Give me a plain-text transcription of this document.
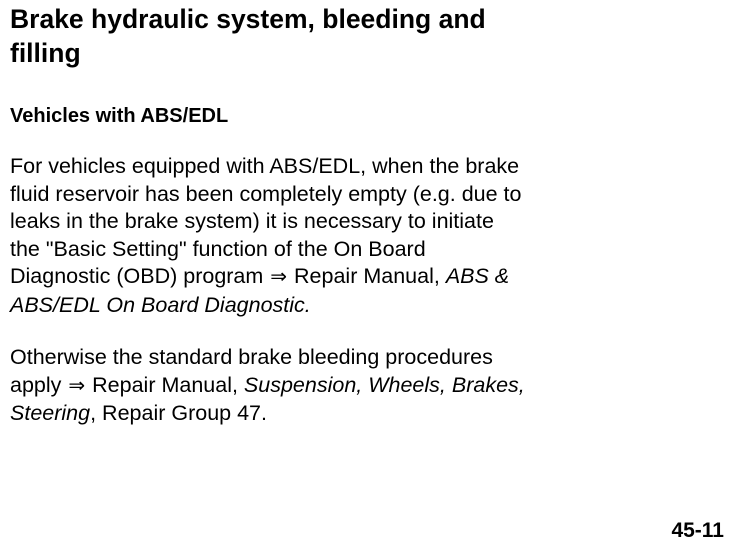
Brake hydraulic system, bleeding and
filling
Vehicles with ABS/EDL

For vehicles equipped with ABS/EDL, when the brake
fluid reservoir has been completely empty (e.g. due to
leaks in the brake system) it is necessary to initiate
the "Basic Setting" function of the On Board
Diagnostic (OBD) program ⇒ Repair Manual, ABS &
ABS/EDL On Board Diagnostic.

Otherwise the standard brake bleeding procedures
apply ⇒ Repair Manual, Suspension, Wheels, Brakes,
Steering, Repair Group 47.

45-11
